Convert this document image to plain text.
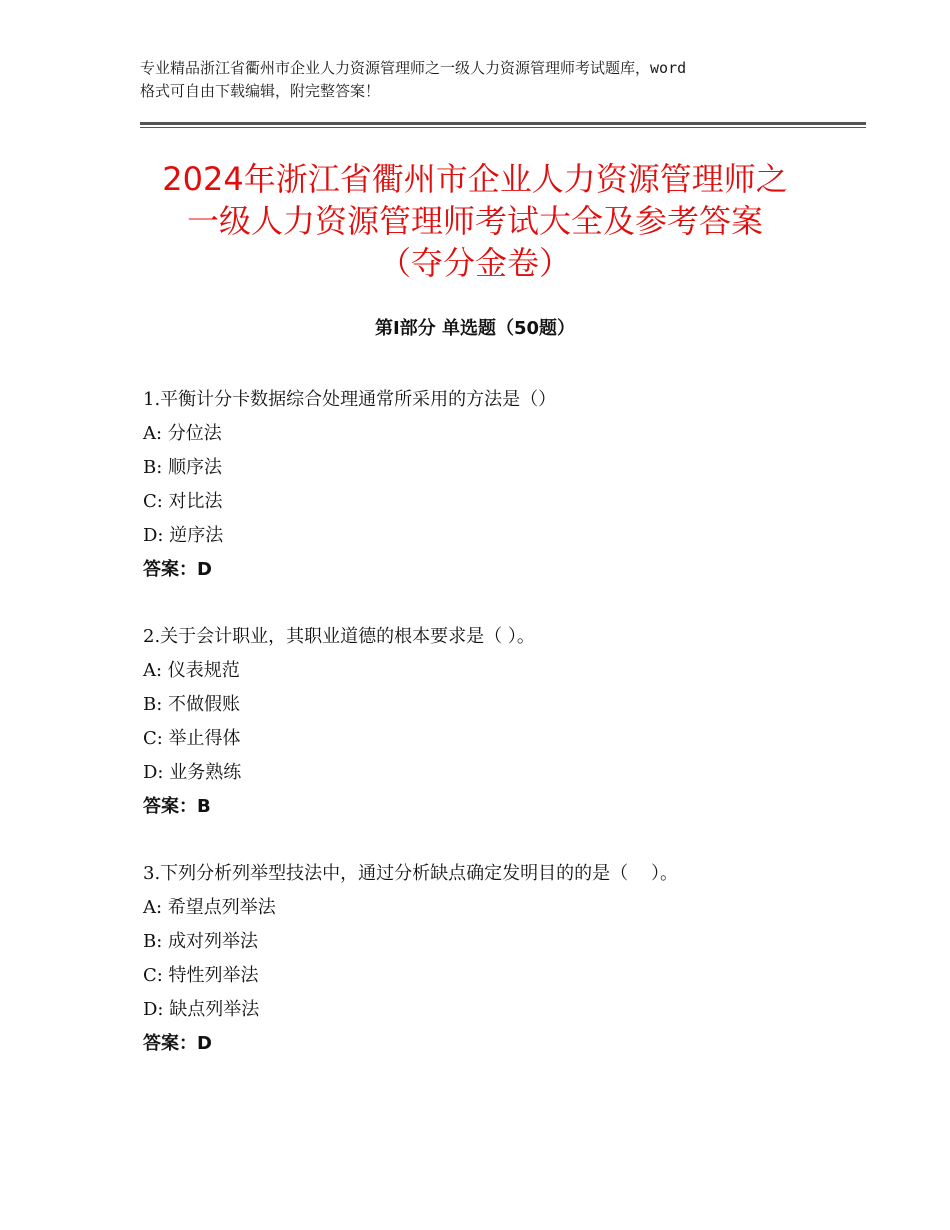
专业精品浙江省衢州市企业人力资源管理师之一级人力资源管理师考试题库，word
格式可自由下载编辑，附完整答案！
2024年浙江省衢州市企业人力资源管理师之
一级人力资源管理师考试大全及参考答案
（夺分金卷）
第Ⅰ部分 单选题（50题）
1.平衡计分卡数据综合处理通常所采用的方法是（）
A: 分位法
B: 顺序法
C: 对比法
D: 逆序法
答案：D
2.关于会计职业，其职业道德的根本要求是（ ）。
A: 仪表规范
B: 不做假账
C: 举止得体
D: 业务熟练
答案：B
3.下列分析列举型技法中，通过分析缺点确定发明目的的是（    ）。
A: 希望点列举法
B: 成对列举法
C: 特性列举法
D: 缺点列举法
答案：D
